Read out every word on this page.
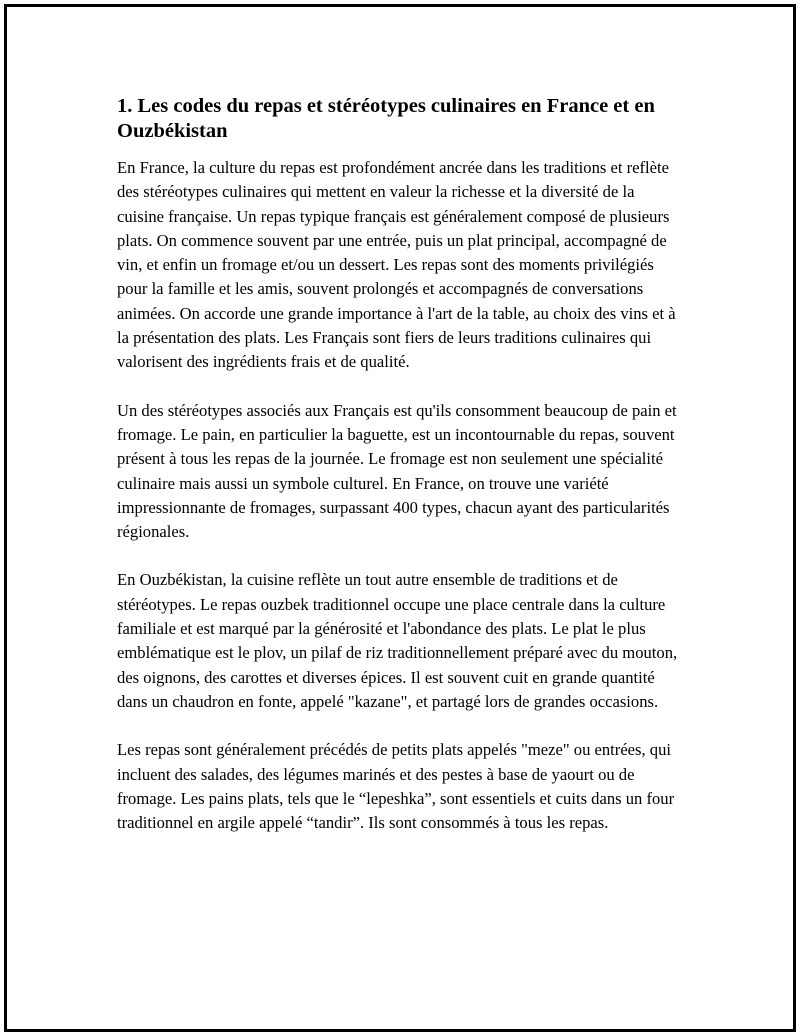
1. Les codes du repas et stéréotypes culinaires en France et en Ouzbékistan

En France, la culture du repas est profondément ancrée dans les traditions et reflète des stéréotypes culinaires qui mettent en valeur la richesse et la diversité de la cuisine française. Un repas typique français est généralement composé de plusieurs plats. On commence souvent par une entrée, puis un plat principal, accompagné de vin, et enfin un fromage et/ou un dessert. Les repas sont des moments privilégiés pour la famille et les amis, souvent prolongés et accompagnés de conversations animées. On accorde une grande importance à l'art de la table, au choix des vins et à la présentation des plats. Les Français sont fiers de leurs traditions culinaires qui valorisent des ingrédients frais et de qualité.

Un des stéréotypes associés aux Français est qu'ils consomment beaucoup de pain et fromage. Le pain, en particulier la baguette, est un incontournable du repas, souvent présent à tous les repas de la journée. Le fromage est non seulement une spécialité culinaire mais aussi un symbole culturel. En France, on trouve une variété impressionnante de fromages, surpassant 400 types, chacun ayant des particularités régionales.

En Ouzbékistan, la cuisine reflète un tout autre ensemble de traditions et de stéréotypes. Le repas ouzbek traditionnel occupe une place centrale dans la culture familiale et est marqué par la générosité et l'abondance des plats. Le plat le plus emblématique est le plov, un pilaf de riz traditionnellement préparé avec du mouton, des oignons, des carottes et diverses épices. Il est souvent cuit en grande quantité dans un chaudron en fonte, appelé "kazane", et partagé lors de grandes occasions.

Les repas sont généralement précédés de petits plats appelés "meze" ou entrées, qui incluent des salades, des légumes marinés et des pestes à base de yaourt ou de fromage. Les pains plats, tels que le “lepeshka”, sont essentiels et cuits dans un four traditionnel en argile appelé “tandir”. Ils sont consommés à tous les repas.
